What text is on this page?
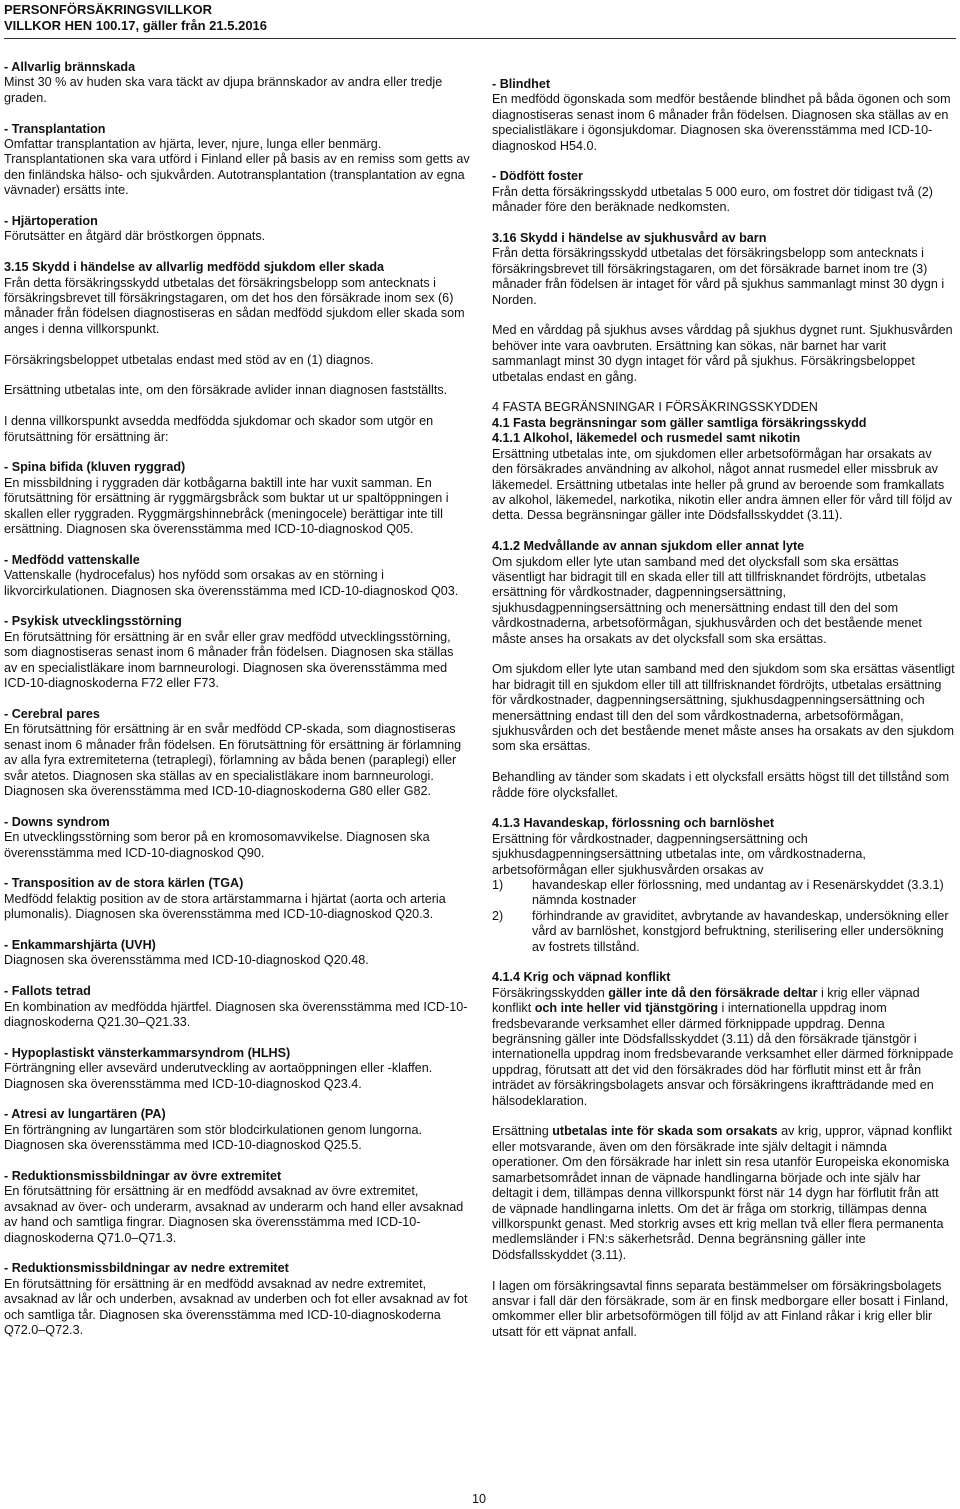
PERSONFÖRSÄKRINGSVILLKOR
VILLKOR HEN 100.17, gäller från 21.5.2016
- Allvarlig brännskada
Minst 30 % av huden ska vara täckt av djupa brännskador av andra eller tredje graden.
- Transplantation
Omfattar transplantation av hjärta, lever, njure, lunga eller benmärg. Transplantationen ska vara utförd i Finland eller på basis av en remiss som getts av den finländska hälso- och sjukvården. Autotransplantation (transplantation av egna vävnader) ersätts inte.
- Hjärtoperation
Förutsätter en åtgärd där bröstkorgen öppnats.
3.15 Skydd i händelse av allvarlig medfödd sjukdom eller skada
Från detta försäkringsskydd utbetalas det försäkringsbelopp som antecknats i försäkringsbrevet till försäkringstagaren, om det hos den försäkrade inom sex (6) månader från födelsen diagnostiseras en sådan medfödd sjukdom eller skada som anges i denna villkorspunkt.

Försäkringsbeloppet utbetalas endast med stöd av en (1) diagnos.

Ersättning utbetalas inte, om den försäkrade avlider innan diagnosen fastställts.

I denna villkorspunkt avsedda medfödda sjukdomar och skador som utgör en förutsättning för ersättning är:

- Spina bifida (kluven ryggrad)
En missbildning i ryggraden där kotbågarna baktill inte har vuxit samman. En förutsättning för ersättning är ryggmärgsbråck som buktar ut ur spaltöppningen i skallen eller ryggraden. Ryggmärgshinnebråck (meningocele) berättigar inte till ersättning. Diagnosen ska överensstämma med ICD-10-diagnoskod Q05.
- Medfödd vattenskalle
Vattenskalle (hydrocefalus) hos nyfödd som orsakas av en störning i likvorcirkulationen. Diagnosen ska överensstämma med ICD-10-diagnoskod Q03.
- Psykisk utvecklingsstörning
En förutsättning för ersättning är en svår eller grav medfödd utvecklingsstörning, som diagnostiseras senast inom 6 månader från födelsen. Diagnosen ska ställas av en specialistläkare inom barnneurologi. Diagnosen ska överensstämma med ICD-10-diagnoskoderna F72 eller F73.
- Cerebral pares
En förutsättning för ersättning är en svår medfödd CP-skada, som diagnostiseras senast inom 6 månader från födelsen. En förutsättning för ersättning är förlamning av alla fyra extremiteterna (tetraplegi), förlamning av båda benen (paraplegi) eller svår atetos. Diagnosen ska ställas av en specialistläkare inom barnneurologi. Diagnosen ska överensstämma med ICD-10-diagnoskoderna G80 eller G82.
- Downs syndrom
En utvecklingsstörning som beror på en kromosomavvikelse. Diagnosen ska överensstämma med ICD-10-diagnoskod Q90.
- Transposition av de stora kärlen (TGA)
Medfödd felaktig position av de stora artärstammarna i hjärtat (aorta och arteria plumonalis). Diagnosen ska överensstämma med ICD-10-diagnoskod Q20.3.
- Enkammarshjärta (UVH)
Diagnosen ska överensstämma med ICD-10-diagnoskod Q20.48.
- Fallots tetrad
En kombination av medfödda hjärtfel. Diagnosen ska överensstämma med ICD-10-diagnoskoderna Q21.30–Q21.33.
- Hypoplastiskt vänsterkammarsyndrom (HLHS)
Förträngning eller avsevärd underutveckling av aortaöppningen eller -klaffen. Diagnosen ska överensstämma med ICD-10-diagnoskod Q23.4.
- Atresi av lungartären (PA)
En förträngning av lungartären som stör blodcirkulationen genom lungorna. Diagnosen ska överensstämma med ICD-10-diagnoskod Q25.5.
- Reduktionsmissbildningar av övre extremitet
En förutsättning för ersättning är en medfödd avsaknad av övre extremitet, avsaknad av över- och underarm, avsaknad av underarm och hand eller avsaknad av hand och samtliga fingrar. Diagnosen ska överensstämma med ICD-10-diagnoskoderna Q71.0–Q71.3.
- Reduktionsmissbildningar av nedre extremitet
En förutsättning för ersättning är en medfödd avsaknad av nedre extremitet, avsaknad av lår och underben, avsaknad av underben och fot eller avsaknad av fot och samtliga tår. Diagnosen ska överensstämma med ICD-10-diagnoskoderna Q72.0–Q72.3.
- Blindhet
En medfödd ögonskada som medför bestående blindhet på båda ögonen och som diagnostiseras senast inom 6 månader från födelsen. Diagnosen ska ställas av en specialistläkare i ögonsjukdomar. Diagnosen ska överensstämma med ICD-10-diagnoskod H54.0.
- Dödfött foster
Från detta försäkringsskydd utbetalas 5 000 euro, om fostret dör tidigast två (2) månader före den beräknade nedkomsten.
3.16 Skydd i händelse av sjukhusvård av barn
Från detta försäkringsskydd utbetalas det försäkringsbelopp som antecknats i försäkringsbrevet till försäkringstagaren, om det försäkrade barnet inom tre (3) månader från födelsen är intaget för vård på sjukhus sammanlagt minst 30 dygn i Norden.

Med en vårddag på sjukhus avses vårddag på sjukhus dygnet runt. Sjukhusvården behöver inte vara oavbruten. Ersättning kan sökas, när barnet har varit sammanlagt minst 30 dygn intaget för vård på sjukhus. Försäkringsbeloppet utbetalas endast en gång.

4 FASTA BEGRÄNSNINGAR I FÖRSÄKRINGSSKYDDEN
4.1 Fasta begränsningar som gäller samtliga försäkringsskydd
4.1.1 Alkohol, läkemedel och rusmedel samt nikotin
Ersättning utbetalas inte, om sjukdomen eller arbetsoförmågan har orsakats av den försäkrades användning av alkohol, något annat rusmedel eller missbruk av läkemedel. Ersättning utbetalas inte heller på grund av beroende som framkallats av alkohol, läkemedel, narkotika, nikotin eller andra ämnen eller för vård till följd av detta. Dessa begränsningar gäller inte Dödsfallsskyddet (3.11).
4.1.2 Medvållande av annan sjukdom eller annat lyte
Om sjukdom eller lyte utan samband med det olycksfall som ska ersättas väsentligt har bidragit till en skada eller till att tillfrisknandet fördröjts, utbetalas ersättning för vårdkostnader, dagpenningsersättning, sjukhusdagpenningsersättning och menersättning endast till den del som vårdkostnaderna, arbetsoförmågan, sjukhusvården och det bestående menet måste anses ha orsakats av det olycksfall som ska ersättas.

Om sjukdom eller lyte utan samband med den sjukdom som ska ersättas väsentligt har bidragit till en sjukdom eller till att tillfrisknandet fördröjts, utbetalas ersättning för vårdkostnader, dagpenningsersättning, sjukhusdagpenningsersättning och menersättning endast till den del som vårdkostnaderna, arbetsoförmågan, sjukhusvården och det bestående menet måste anses ha orsakats av den sjukdom som ska ersättas.

Behandling av tänder som skadats i ett olycksfall ersätts högst till det tillstånd som rådde före olycksfallet.

4.1.3 Havandeskap, förlossning och barnlöshet
Ersättning för vårdkostnader, dagpenningsersättning och sjukhusdagpenningsersättning utbetalas inte, om vårdkostnaderna, arbetsoförmågan eller sjukhusvården orsakas av
1)	havandeskap eller förlossning, med undantag av i Resenärskyddet (3.3.1) nämnda kostnader
2)	förhindrande av graviditet, avbrytande av havandeskap, undersökning eller vård av barnlöshet, konstgjord befruktning, sterilisering eller undersökning av fostrets tillstånd.
4.1.4 Krig och väpnad konflikt
Försäkringsskydden gäller inte då den försäkrade deltar i krig eller väpnad konflikt och inte heller vid tjänstgöring i internationella uppdrag inom fredsbevarande verksamhet eller därmed förknippade uppdrag. Denna begränsning gäller inte Dödsfallsskyddet (3.11) då den försäkrade tjänstgör i internationella uppdrag inom fredsbevarande verksamhet eller därmed förknippade uppdrag, förutsatt att det vid den försäkrades död har förflutit minst ett år från inträdet av försäkringsbolagets ansvar och försäkringens ikraftträdande med en hälsodeklaration.

Ersättning utbetalas inte för skada som orsakats av krig, uppror, väpnad konflikt eller motsvarande, även om den försäkrade inte själv deltagit i nämnda operationer. Om den försäkrade har inlett sin resa utanför Europeiska ekonomiska samarbetsområdet innan de väpnade handlingarna började och inte själv har deltagit i dem, tillämpas denna villkorspunkt först när 14 dygn har förflutit från att de väpnade handlingarna inletts. Om det är fråga om storkrig, tillämpas denna villkorspunkt genast. Med storkrig avses ett krig mellan två eller flera permanenta medlemsländer i FN:s säkerhetsråd. Denna begränsning gäller inte Dödsfallsskyddet (3.11).

I lagen om försäkringsavtal finns separata bestämmelser om försäkringsbolagets ansvar i fall där den försäkrade, som är en finsk medborgare eller bosatt i Finland, omkommer eller blir arbetsoförmögen till följd av att Finland råkar i krig eller blir utsatt för ett väpnat anfall.

10
